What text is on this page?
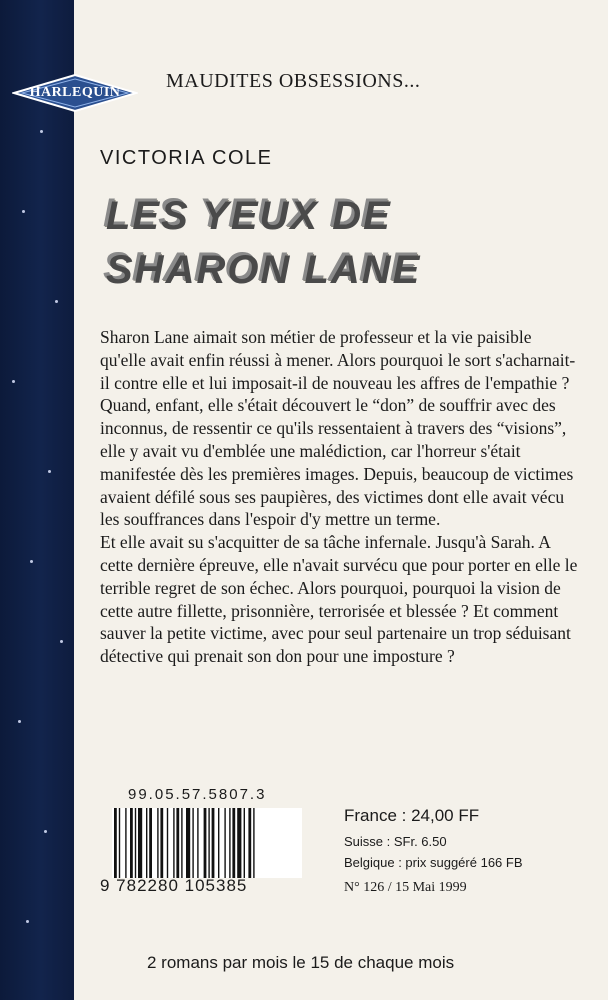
HARLEQUIN
MAUDITES OBSESSIONS...
VICTORIA COLE
LES YEUX DE
SHARON LANE

Sharon Lane aimait son métier de professeur et la vie paisible qu'elle avait enfin réussi à mener. Alors pourquoi le sort s'acharnait-il contre elle et lui imposait-il de nouveau les affres de l'empathie ?

Quand, enfant, elle s'était découvert le “don” de souffrir avec des inconnus, de ressentir ce qu'ils ressentaient à travers des “visions”, elle y avait vu d'emblée une malédiction, car l'horreur s'était manifestée dès les premières images. Depuis, beaucoup de victimes avaient défilé sous ses paupières, des victimes dont elle avait vécu les souffrances dans l'espoir d'y mettre un terme.

Et elle avait su s'acquitter de sa tâche infernale. Jusqu'à Sarah. A cette dernière épreuve, elle n'avait survécu que pour porter en elle le terrible regret de son échec. Alors pourquoi, pourquoi la vision de cette autre fillette, prisonnière, terrorisée et blessée ? Et comment sauver la petite victime, avec pour seul partenaire un trop séduisant détective qui prenait son don pour une imposture ?

99.05.57.5807.3
9 782280 105385
France : 24,00 FF
Suisse : SFr. 6.50
Belgique : prix suggéré 166 FB
N° 126 / 15 Mai 1999
2 romans par mois le 15 de chaque mois
